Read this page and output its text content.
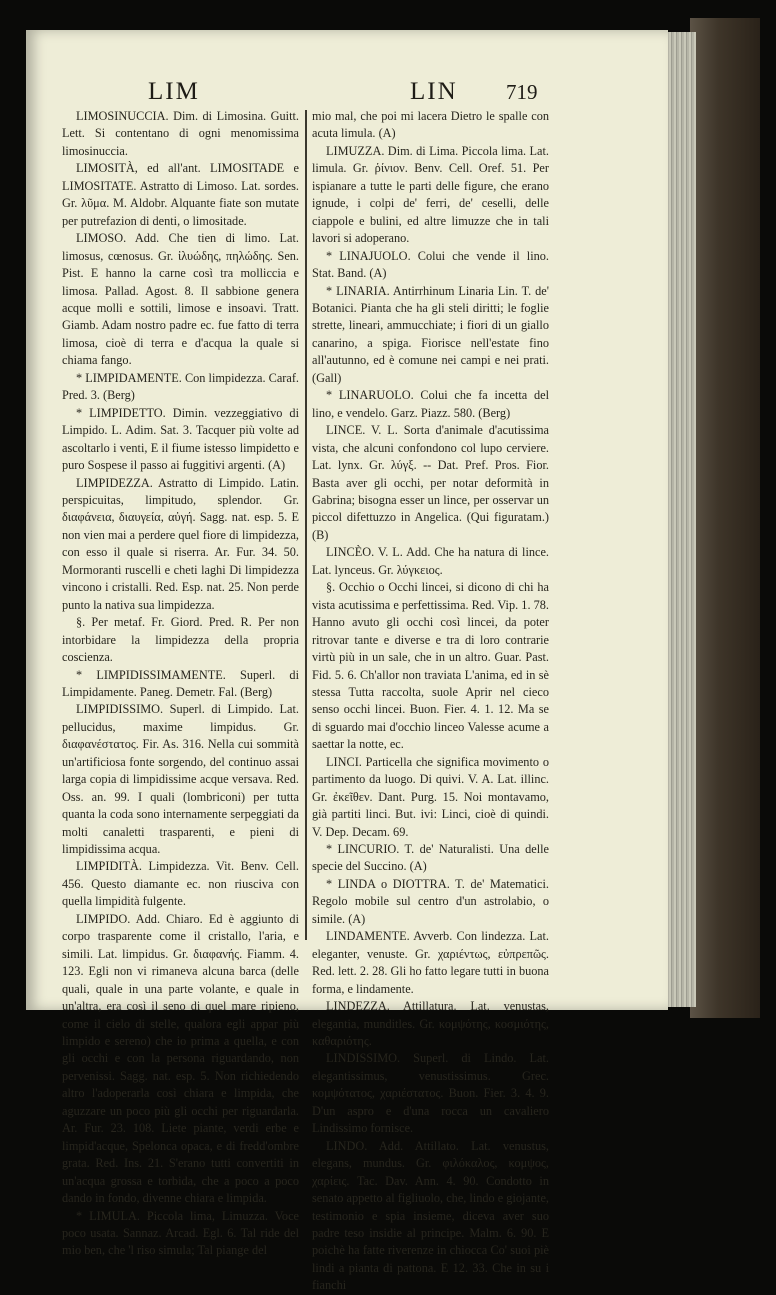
LIM	LIN 719

LIMOSINUCCIA. Dim. di Limosina. Guitt. Lett. Si contentano di ogni menomissima limosinuccia.

LIMOSITÀ, ed all'ant. LIMOSITADE e LIMOSITATE. Astratto di Limoso. Lat. sordes. Gr. λῦμα. M. Aldobr. Alquante fiate son mutate per putrefazion di denti, o limositade.

LIMOSO. Add. Che tien di limo. Lat. limosus, cœnosus. Gr. ἰλυώδης, πηλώδης. Sen. Pist. E hanno la carne così tra molliccia e limosa. Pallad. Agost. 8. Il sabbione genera acque molli e sottili, limose e insoavi. Tratt. Giamb. Adam nostro padre ec. fue fatto di terra limosa, cioè di terra e d'acqua la quale si chiama fango.

* LIMPIDAMENTE. Con limpidezza. Caraf. Pred. 3. (Berg)

* LIMPIDETTO. Dimin. vezzeggiativo di Limpido. L. Adim. Sat. 3. Tacquer più volte ad ascoltarlo i venti, E il fiume istesso limpidetto e puro Sospese il passo ai fuggitivi argenti. (A)

LIMPIDEZZA. Astratto di Limpido. Latin. perspicuitas, limpitudo, splendor. Gr. διαφάνεια, διαυγεία, αὐγή. Sagg. nat. esp. 5. E non vien mai a perdere quel fiore di limpidezza, con esso il quale si riserra. Ar. Fur. 34. 50. Mormoranti ruscelli e cheti laghi Di limpidezza vincono i cristalli. Red. Esp. nat. 25. Non perde punto la nativa sua limpidezza.

§. Per metaf. Fr. Giord. Pred. R. Per non intorbidare la limpidezza della propria coscienza.

* LIMPIDISSIMAMENTE. Superl. di Limpidamente. Paneg. Demetr. Fal. (Berg)

LIMPIDISSIMO. Superl. di Limpido. Lat. pellucidus, maxime limpidus. Gr. διαφανέστατος. Fir. As. 316. Nella cui sommità un'artificiosa fonte sorgendo, del continuo assai larga copia di limpidissime acque versava. Red. Oss. an. 99. I quali (lombriconi) per tutta quanta la coda sono internamente serpeggiati da molti canaletti trasparenti, e pieni di limpidissima acqua.

LIMPIDITÀ. Limpidezza. Vit. Benv. Cell. 456. Questo diamante ec. non riusciva con quella limpidità fulgente.

LIMPIDO. Add. Chiaro. Ed è aggiunto di corpo trasparente come il cristallo, l'aria, e simili. Lat. limpidus. Gr. διαφανής. Fiamm. 4. 123. Egli non vi rimaneva alcuna barca (delle quali, quale in una parte volante, e quale in un'altra, era così il seno di quel mare ripieno, come il cielo di stelle, qualora egli appar più limpido e sereno) che io prima a quella, e con gli occhi e con la persona riguardando, non pervenissi. Sagg. nat. esp. 5. Non richiedendo altro l'adoperarla così chiara e limpida, che aguzzare un poco più gli occhi per riguardarla. Ar. Fur. 23. 108. Liete piante, verdi erbe e limpid'acque, Spelonca opaca, e di fredd'ombre grata. Red. Ins. 21. S'erano tutti convertiti in un'acqua grossa e torbida, che a poco a poco dando in fondo, divenne chiara e limpida.

* LIMULA. Piccola lima, Limuzza. Voce poco usata. Sannaz. Arcad. Egl. 6. Tal ride del mio ben, che 'l riso simula; Tal piange del

mio mal, che poi mi lacera Dietro le spalle con acuta limula. (A)

LIMUZZA. Dim. di Lima. Piccola lima. Lat. limula. Gr. ῥίνιον. Benv. Cell. Oref. 51. Per ispianare a tutte le parti delle figure, che erano ignude, i colpi de' ferri, de' ceselli, delle ciappole e bulini, ed altre limuzze che in tali lavori si adoperano.

* LINAJUOLO. Colui che vende il lino. Stat. Band. (A)

* LINARIA. Antirrhinum Linaria Lin. T. de' Botanici. Pianta che ha gli steli diritti; le foglie strette, lineari, ammucchiate; i fiori di un giallo canarino, a spiga. Fiorisce nell'estate fino all'autunno, ed è comune nei campi e nei prati. (Gall)

* LINARUOLO. Colui che fa incetta del lino, e vendelo. Garz. Piazz. 580. (Berg)

LINCE. V. L. Sorta d'animale d'acutissima vista, che alcuni confondono col lupo cerviere. Lat. lynx. Gr. λύγξ. -- Dat. Pref. Pros. Fior. Basta aver gli occhi, per notar deformità in Gabrina; bisogna esser un lince, per osservar un piccol difettuzzo in Angelica. (Qui figuratam.) (B)

LINCÈO. V. L. Add. Che ha natura di lince. Lat. lynceus. Gr. λύγκειος.

§. Occhio o Occhi lincei, si dicono di chi ha vista acutissima e perfettissima. Red. Vip. 1. 78. Hanno avuto gli occhi così lincei, da poter ritrovar tante e diverse e tra di loro contrarie virtù più in un sale, che in un altro. Guar. Past. Fid. 5. 6. Ch'allor non traviata L'anima, ed in sè stessa Tutta raccolta, suole Aprir nel cieco senso occhi lincei. Buon. Fier. 4. 1. 12. Ma se di sguardo mai d'occhio linceo Valesse acume a saettar la notte, ec.

LINCI. Particella che significa movimento o partimento da luogo. Di quivi. V. A. Lat. illinc. Gr. ἐκεῖθεν. Dant. Purg. 15. Noi montavamo, già partiti linci. But. ivi: Linci, cioè di quindi. V. Dep. Decam. 69.

* LINCURIO. T. de' Naturalisti. Una delle specie del Succino. (A)

* LINDA o DIOTTRA. T. de' Matematici. Regolo mobile sul centro d'un astrolabio, o simile. (A)

LINDAMENTE. Avverb. Con lindezza. Lat. eleganter, venuste. Gr. χαριέντως, εὐπρεπῶς. Red. lett. 2. 28. Gli ho fatto legare tutti in buona forma, e lindamente.

LINDEZZA. Attillatura. Lat. venustas, elegantia, munditles. Gr. κομψότης, κοσμιότης, καθαριότης.

LINDISSIMO. Superl. di Lindo. Lat. elegantissimus, venustissimus. Grec. κομψότατος, χαριέστατος. Buon. Fier. 3. 4. 9. D'un aspro e d'una rocca un cavaliero Lindissimo fornisce.

LINDO. Add. Attillato. Lat. venustus, elegans, mundus. Gr. φιλόκαλος, κομψος, χαρίεις. Tac. Dav. Ann. 4. 90. Condotto in senato appetto al figliuolo, che, lindo e giojante, testimonio e spia insieme, diceva aver suo padre teso insidie al principe. Malm. 6. 90. E poichè ha fatte riverenze in chiocca Co' suoi piè lindi a pianta di pattona. E 12. 33. Che in su i fianchi
